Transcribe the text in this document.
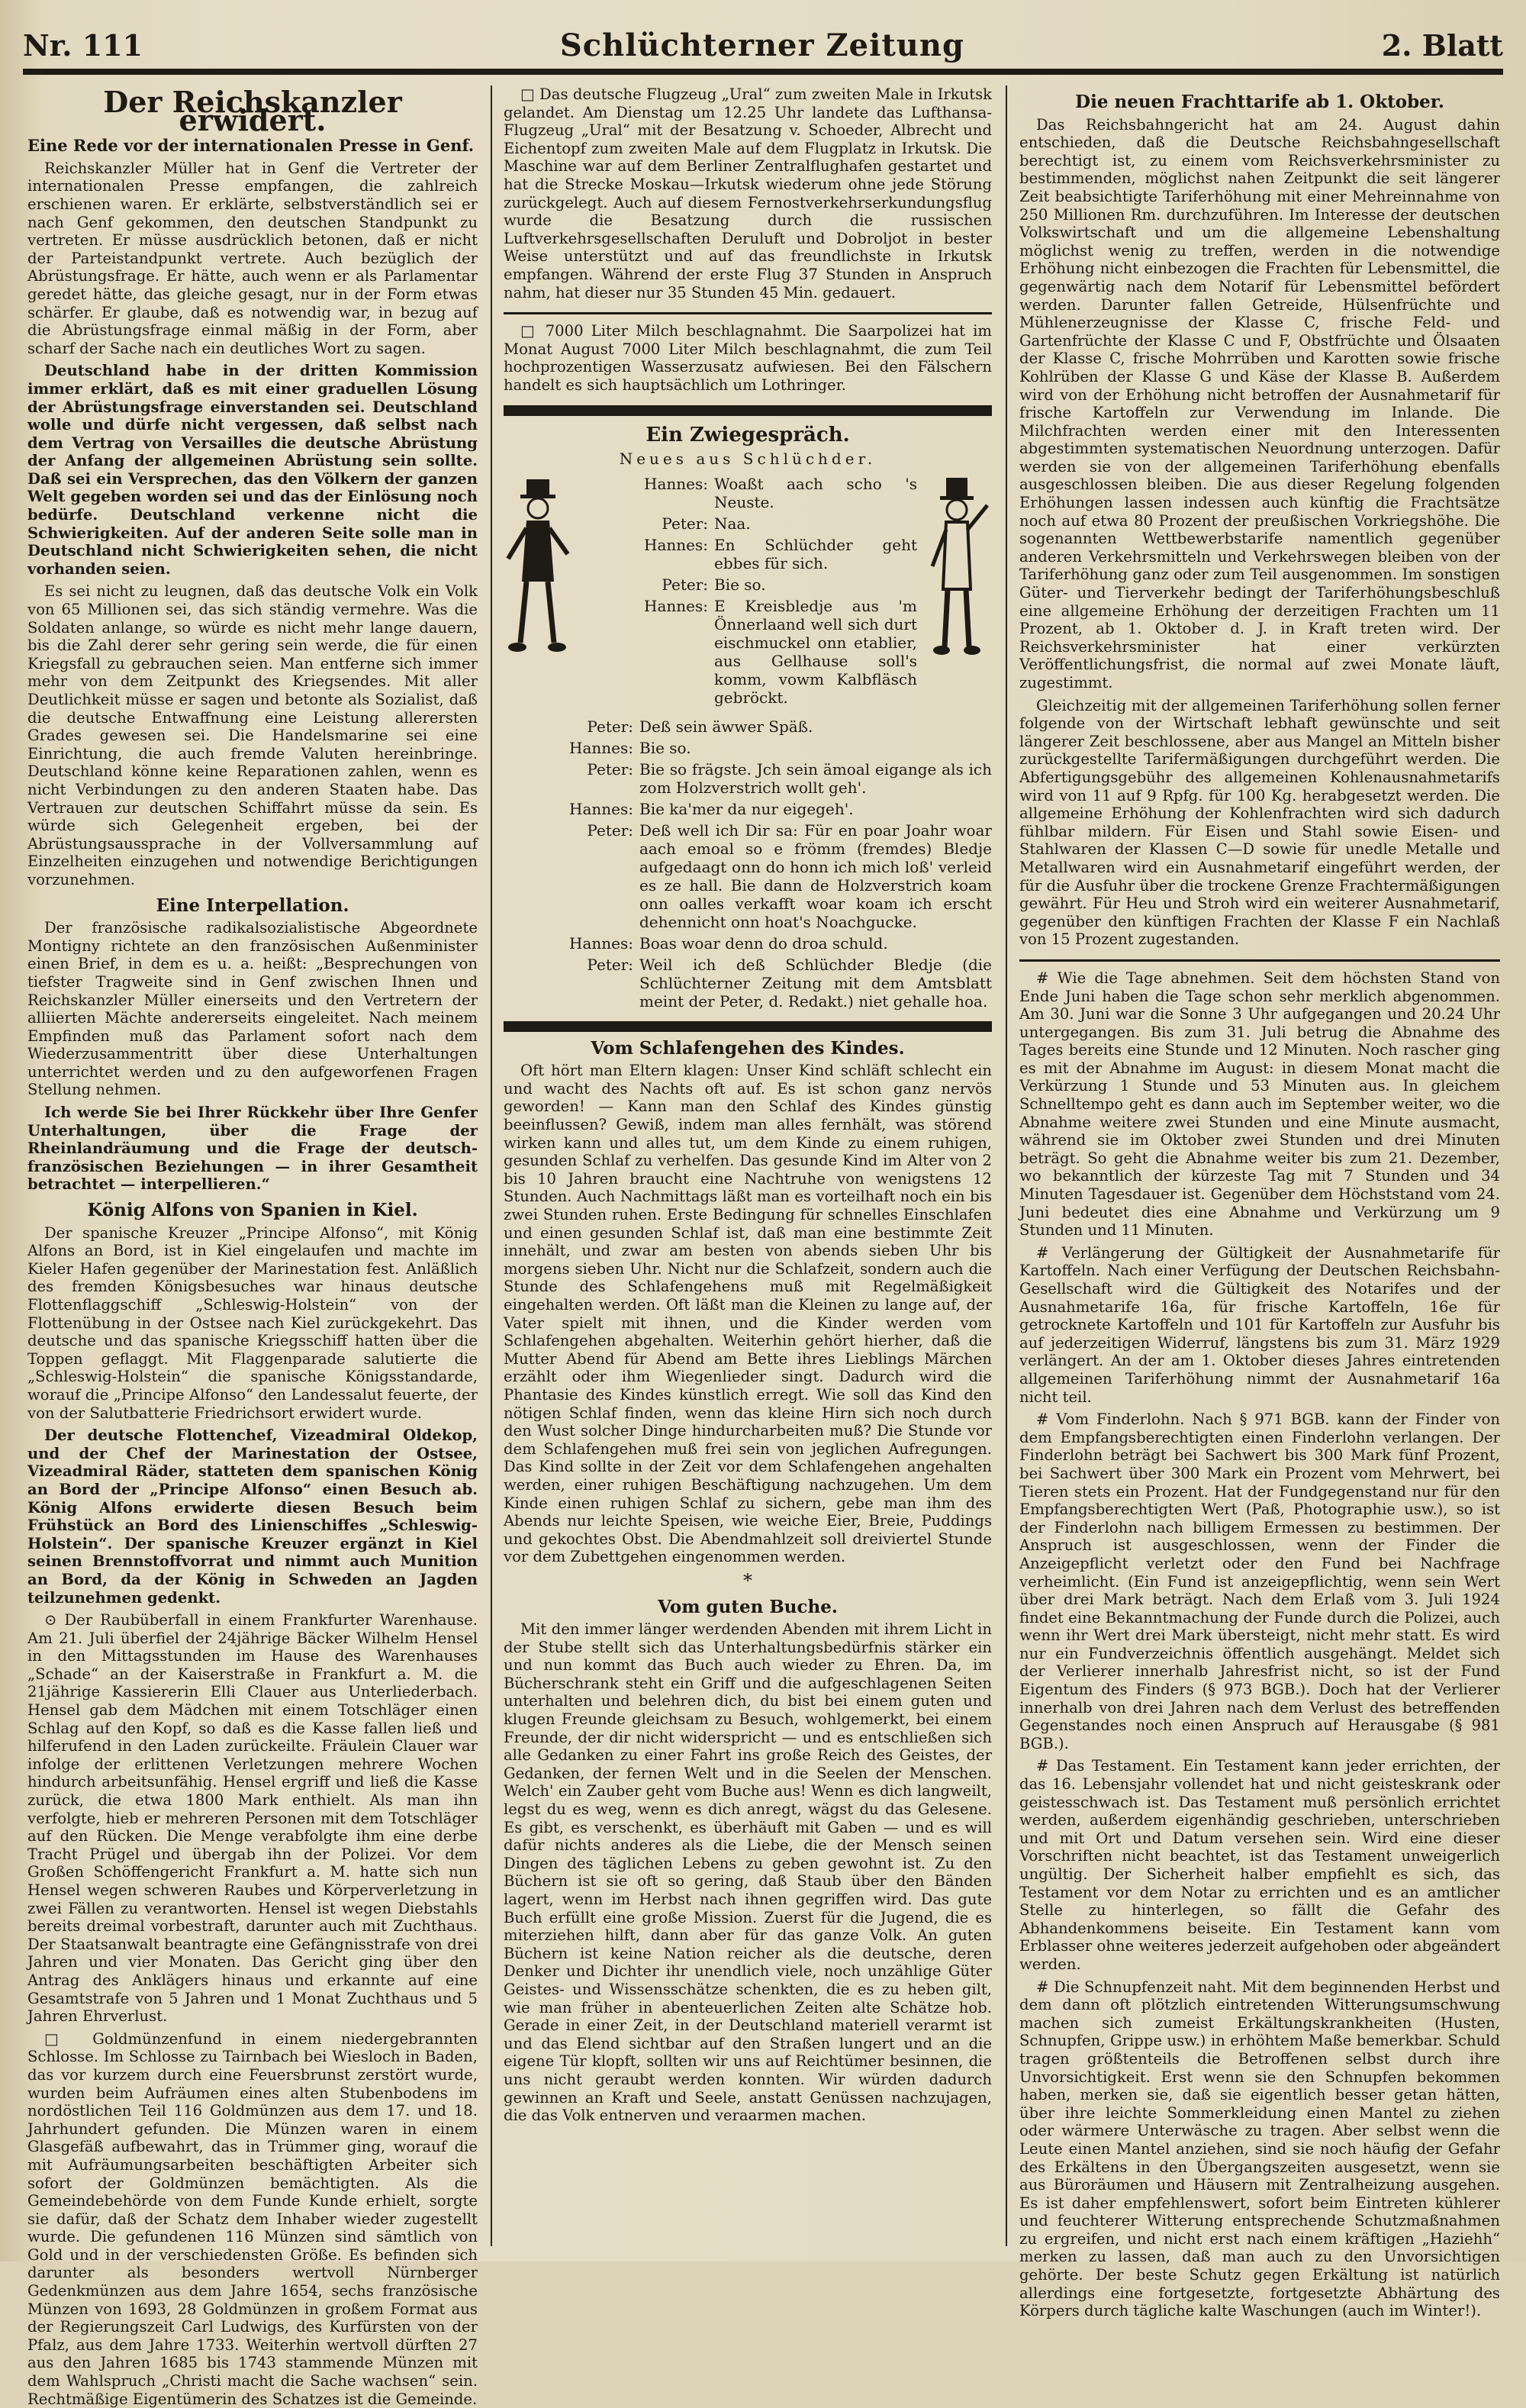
Nr. 111	Schlüchterner Zeitung	2. Blatt
Der Reichskanzler erwidert.
Eine Rede vor der internationalen Presse in Genf.

Reichskanzler Müller hat in Genf die Vertreter der internationalen Presse empfangen, die zahlreich erschienen waren. Er erklärte, selbstverständlich sei er nach Genf gekommen, den deutschen Standpunkt zu vertreten. Er müsse ausdrücklich betonen, daß er nicht der Parteistandpunkt vertrete. Auch bezüglich der Abrüstungsfrage. Er hätte, auch wenn er als Parlamentar geredet hätte, das gleiche gesagt, nur in der Form etwas schärfer. Er glaube, daß es notwendig war, in bezug auf die Abrüstungsfrage einmal mäßig in der Form, aber scharf der Sache nach ein deutliches Wort zu sagen.

Deutschland habe in der dritten Kommission immer erklärt, daß es mit einer graduellen Lösung der Abrüstungsfrage einverstanden sei. Deutschland wolle und dürfe nicht vergessen, daß selbst nach dem Vertrag von Versailles die deutsche Abrüstung der Anfang der allgemeinen Abrüstung sein sollte. Daß sei ein Versprechen, das den Völkern der ganzen Welt gegeben worden sei und das der Einlösung noch bedürfe. Deutschland verkenne nicht die Schwierigkeiten. Auf der anderen Seite solle man in Deutschland nicht Schwierigkeiten sehen, die nicht vorhanden seien.

Es sei nicht zu leugnen, daß das deutsche Volk ein Volk von 65 Millionen sei, das sich ständig vermehre. Was die Soldaten anlange, so würde es nicht mehr lange dauern, bis die Zahl derer sehr gering sein werde, die für einen Kriegsfall zu gebrauchen seien. Man entferne sich immer mehr von dem Zeitpunkt des Kriegsendes. Mit aller Deutlichkeit müsse er sagen und betonte als Sozialist, daß die deutsche Entwaffnung eine Leistung allerersten Grades gewesen sei. Die Handelsmarine sei eine Einrichtung, die auch fremde Valuten hereinbringe. Deutschland könne keine Reparationen zahlen, wenn es nicht Verbindungen zu den anderen Staaten habe. Das Vertrauen zur deutschen Schiffahrt müsse da sein. Es würde sich Gelegenheit ergeben, bei der Abrüstungsaussprache in der Vollversammlung auf Einzelheiten einzugehen und notwendige Berichtigungen vorzunehmen.

Eine Interpellation.

Der französische radikalsozialistische Abgeordnete Montigny richtete an den französischen Außenminister einen Brief, in dem es u. a. heißt: „Besprechungen von tiefster Tragweite sind in Genf zwischen Ihnen und Reichskanzler Müller einerseits und den Vertretern der alliierten Mächte andererseits eingeleitet. Nach meinem Empfinden muß das Parlament sofort nach dem Wiederzusammentritt über diese Unterhaltungen unterrichtet werden und zu den aufgeworfenen Fragen Stellung nehmen.

Ich werde Sie bei Ihrer Rückkehr über Ihre Genfer Unterhaltungen, über die Frage der Rheinlandräumung und die Frage der deutsch-französischen Beziehungen — in ihrer Gesamtheit betrachtet — interpellieren.“

König Alfons von Spanien in Kiel.

Der spanische Kreuzer „Principe Alfonso“, mit König Alfons an Bord, ist in Kiel eingelaufen und machte im Kieler Hafen gegenüber der Marinestation fest. Anläßlich des fremden Königsbesuches war hinaus deutsche Flottenflaggschiff „Schleswig-Holstein“ von der Flottenübung in der Ostsee nach Kiel zurückgekehrt. Das deutsche und das spanische Kriegsschiff hatten über die Toppen geflaggt. Mit Flaggenparade salutierte die „Schleswig-Holstein“ die spanische Königsstandarde, worauf die „Principe Alfonso“ den Landessalut feuerte, der von der Salutbatterie Friedrichsort erwidert wurde.

Der deutsche Flottenchef, Vizeadmiral Oldekop, und der Chef der Marinestation der Ostsee, Vizeadmiral Räder, statteten dem spanischen König an Bord der „Principe Alfonso“ einen Besuch ab. König Alfons erwiderte diesen Besuch beim Frühstück an Bord des Linienschiffes „Schleswig-Holstein“. Der spanische Kreuzer ergänzt in Kiel seinen Brennstoffvorrat und nimmt auch Munition an Bord, da der König in Schweden an Jagden teilzunehmen gedenkt.

⊙ Der Raubüberfall in einem Frankfurter Warenhause. Am 21. Juli überfiel der 24jährige Bäcker Wilhelm Hensel in den Mittagsstunden im Hause des Warenhauses „Schade“ an der Kaiserstraße in Frankfurt a. M. die 21jährige Kassiererin Elli Clauer aus Unterliederbach. Hensel gab dem Mädchen mit einem Totschläger einen Schlag auf den Kopf, so daß es die Kasse fallen ließ und hilferufend in den Laden zurückeilte. Fräulein Clauer war infolge der erlittenen Verletzungen mehrere Wochen hindurch arbeitsunfähig. Hensel ergriff und ließ die Kasse zurück, die etwa 1800 Mark enthielt. Als man ihn verfolgte, hieb er mehreren Personen mit dem Totschläger auf den Rücken. Die Menge verabfolgte ihm eine derbe Tracht Prügel und übergab ihn der Polizei. Vor dem Großen Schöffengericht Frankfurt a. M. hatte sich nun Hensel wegen schweren Raubes und Körperverletzung in zwei Fällen zu verantworten. Hensel ist wegen Diebstahls bereits dreimal vorbestraft, darunter auch mit Zuchthaus. Der Staatsanwalt beantragte eine Gefängnisstrafe von drei Jahren und vier Monaten. Das Gericht ging über den Antrag des Anklägers hinaus und erkannte auf eine Gesamtstrafe von 5 Jahren und 1 Monat Zuchthaus und 5 Jahren Ehrverlust.

□ Goldmünzenfund in einem niedergebrannten Schlosse. Im Schlosse zu Tairnbach bei Wiesloch in Baden, das vor kurzem durch eine Feuersbrunst zerstört wurde, wurden beim Aufräumen eines alten Stubenbodens im nordöstlichen Teil 116 Goldmünzen aus dem 17. und 18. Jahrhundert gefunden. Die Münzen waren in einem Glasgefäß aufbewahrt, das in Trümmer ging, worauf die mit Aufräumungsarbeiten beschäftigten Arbeiter sich sofort der Goldmünzen bemächtigten. Als die Gemeindebehörde von dem Funde Kunde erhielt, sorgte sie dafür, daß der Schatz dem Inhaber wieder zugestellt wurde. Die gefundenen 116 Münzen sind sämtlich von Gold und in der verschiedensten Größe. Es befinden sich darunter als besonders wertvoll Nürnberger Gedenkmünzen aus dem Jahre 1654, sechs französische Münzen von 1693, 28 Goldmünzen in großem Format aus der Regierungszeit Carl Ludwigs, des Kurfürsten von der Pfalz, aus dem Jahre 1733. Weiterhin wertvoll dürften 27 aus den Jahren 1685 bis 1743 stammende Münzen mit dem Wahlspruch „Christi macht die Sache wachsen“ sein. Rechtmäßige Eigentümerin des Schatzes ist die Gemeinde.

□ Das deutsche Flugzeug „Ural“ zum zweiten Male in Irkutsk gelandet. Am Dienstag um 12.25 Uhr landete das Lufthansa-Flugzeug „Ural“ mit der Besatzung v. Schoeder, Albrecht und Eichentopf zum zweiten Male auf dem Flugplatz in Irkutsk. Die Maschine war auf dem Berliner Zentralflughafen gestartet und hat die Strecke Moskau—Irkutsk wiederum ohne jede Störung zurückgelegt. Auch auf diesem Fernostverkehrserkundungsflug wurde die Besatzung durch die russischen Luftverkehrsgesellschaften Deruluft und Dobroljot in bester Weise unterstützt und auf das freundlichste in Irkutsk empfangen. Während der erste Flug 37 Stunden in Anspruch nahm, hat dieser nur 35 Stunden 45 Min. gedauert.

□ 7000 Liter Milch beschlagnahmt. Die Saarpolizei hat im Monat August 7000 Liter Milch beschlagnahmt, die zum Teil hochprozentigen Wasserzusatz aufwiesen. Bei den Fälschern handelt es sich hauptsächlich um Lothringer.

Ein Zwiegespräch.
Neues aus Schlüchder.
Hannes: Woaßt aach scho 's Neuste.
Peter: Naa.
Hannes: En Schlüchder geht ebbes für sich.
Peter: Bie so.
Hannes: E Kreisbledje aus 'm Önnerlaand well sich durt eischmuckel onn etablier, aus Gellhause soll's komm, vowm Kalbfläsch gebröckt.
Peter: Deß sein äwwer Späß.
Hannes: Bie so.
Peter: Bie so frägste. Jch sein ämoal eigange als ich zom Holzverstrich wollt geh'.
Hannes: Bie ka'mer da nur eigegeh'.
Peter: Deß well ich Dir sa: Für en poar Joahr woar aach emoal so e frömm (fremdes) Bledje aufgedaagt onn do honn ich mich loß' verleid es ze hall. Bie dann de Holzverstrich koam onn oalles verkafft woar koam ich erscht dehennicht onn hoat's Noachgucke.
Hannes: Boas woar denn do droa schuld.
Peter: Weil ich deß Schlüchder Bledje (die Schlüchterner Zeitung mit dem Amtsblatt meint der Peter, d. Redakt.) niet gehalle hoa.
Vom Schlafengehen des Kindes.

Oft hört man Eltern klagen: Unser Kind schläft schlecht ein und wacht des Nachts oft auf. Es ist schon ganz nervös geworden! — Kann man den Schlaf des Kindes günstig beeinflussen? Gewiß, indem man alles fernhält, was störend wirken kann und alles tut, um dem Kinde zu einem ruhigen, gesunden Schlaf zu verhelfen. Das gesunde Kind im Alter von 2 bis 10 Jahren braucht eine Nachtruhe von wenigstens 12 Stunden. Auch Nachmittags läßt man es vorteilhaft noch ein bis zwei Stunden ruhen. Erste Bedingung für schnelles Einschlafen und einen gesunden Schlaf ist, daß man eine bestimmte Zeit innehält, und zwar am besten von abends sieben Uhr bis morgens sieben Uhr. Nicht nur die Schlafzeit, sondern auch die Stunde des Schlafengehens muß mit Regelmäßigkeit eingehalten werden. Oft läßt man die Kleinen zu lange auf, der Vater spielt mit ihnen, und die Kinder werden vom Schlafengehen abgehalten. Weiterhin gehört hierher, daß die Mutter Abend für Abend am Bette ihres Lieblings Märchen erzählt oder ihm Wiegenlieder singt. Dadurch wird die Phantasie des Kindes künstlich erregt. Wie soll das Kind den nötigen Schlaf finden, wenn das kleine Hirn sich noch durch den Wust solcher Dinge hindurcharbeiten muß? Die Stunde vor dem Schlafengehen muß frei sein von jeglichen Aufregungen. Das Kind sollte in der Zeit vor dem Schlafengehen angehalten werden, einer ruhigen Beschäftigung nachzugehen. Um dem Kinde einen ruhigen Schlaf zu sichern, gebe man ihm des Abends nur leichte Speisen, wie weiche Eier, Breie, Puddings und gekochtes Obst. Die Abendmahlzeit soll dreiviertel Stunde vor dem Zubettgehen eingenommen werden.

*
Vom guten Buche.

Mit den immer länger werdenden Abenden mit ihrem Licht in der Stube stellt sich das Unterhaltungsbedürfnis stärker ein und nun kommt das Buch auch wieder zu Ehren. Da, im Bücherschrank steht ein Griff und die aufgeschlagenen Seiten unterhalten und belehren dich, du bist bei einem guten und klugen Freunde gleichsam zu Besuch, wohlgemerkt, bei einem Freunde, der dir nicht widerspricht — und es entschließen sich alle Gedanken zu einer Fahrt ins große Reich des Geistes, der Gedanken, der fernen Welt und in die Seelen der Menschen. Welch' ein Zauber geht vom Buche aus! Wenn es dich langweilt, legst du es weg, wenn es dich anregt, wägst du das Gelesene. Es gibt, es verschenkt, es überhäuft mit Gaben — und es will dafür nichts anderes als die Liebe, die der Mensch seinen Dingen des täglichen Lebens zu geben gewohnt ist. Zu den Büchern ist sie oft so gering, daß Staub über den Bänden lagert, wenn im Herbst nach ihnen gegriffen wird. Das gute Buch erfüllt eine große Mission. Zuerst für die Jugend, die es miterziehen hilft, dann aber für das ganze Volk. An guten Büchern ist keine Nation reicher als die deutsche, deren Denker und Dichter ihr unendlich viele, noch unzählige Güter Geistes- und Wissensschätze schenkten, die es zu heben gilt, wie man früher in abenteuerlichen Zeiten alte Schätze hob. Gerade in einer Zeit, in der Deutschland materiell verarmt ist und das Elend sichtbar auf den Straßen lungert und an die eigene Tür klopft, sollten wir uns auf Reichtümer besinnen, die uns nicht geraubt werden konnten. Wir würden dadurch gewinnen an Kraft und Seele, anstatt Genüssen nachzujagen, die das Volk entnerven und veraarmen machen.

Die neuen Frachttarife ab 1. Oktober.

Das Reichsbahngericht hat am 24. August dahin entschieden, daß die Deutsche Reichsbahngesellschaft berechtigt ist, zu einem vom Reichsverkehrsminister zu bestimmenden, möglichst nahen Zeitpunkt die seit längerer Zeit beabsichtigte Tariferhöhung mit einer Mehreinnahme von 250 Millionen Rm. durchzuführen. Im Interesse der deutschen Volkswirtschaft und um die allgemeine Lebenshaltung möglichst wenig zu treffen, werden in die notwendige Erhöhung nicht einbezogen die Frachten für Lebensmittel, die gegenwärtig nach dem Notarif für Lebensmittel befördert werden. Darunter fallen Getreide, Hülsenfrüchte und Mühlenerzeugnisse der Klasse C, frische Feld- und Gartenfrüchte der Klasse C und F, Obstfrüchte und Ölsaaten der Klasse C, frische Mohrrüben und Karotten sowie frische Kohlrüben der Klasse G und Käse der Klasse B. Außerdem wird von der Erhöhung nicht betroffen der Ausnahmetarif für frische Kartoffeln zur Verwendung im Inlande. Die Milchfrachten werden einer mit den Interessenten abgestimmten systematischen Neuordnung unterzogen. Dafür werden sie von der allgemeinen Tariferhöhung ebenfalls ausgeschlossen bleiben. Die aus dieser Regelung folgenden Erhöhungen lassen indessen auch künftig die Frachtsätze noch auf etwa 80 Prozent der preußischen Vorkriegshöhe. Die sogenannten Wettbewerbstarife namentlich gegenüber anderen Verkehrsmitteln und Verkehrswegen bleiben von der Tariferhöhung ganz oder zum Teil ausgenommen. Im sonstigen Güter- und Tierverkehr bedingt der Tariferhöhungsbeschluß eine allgemeine Erhöhung der derzeitigen Frachten um 11 Prozent, ab 1. Oktober d. J. in Kraft treten wird. Der Reichsverkehrsminister hat einer verkürzten Veröffentlichungsfrist, die normal auf zwei Monate läuft, zugestimmt.

Gleichzeitig mit der allgemeinen Tariferhöhung sollen ferner folgende von der Wirtschaft lebhaft gewünschte und seit längerer Zeit beschlossene, aber aus Mangel an Mitteln bisher zurückgestellte Tarifermäßigungen durchgeführt werden. Die Abfertigungsgebühr des allgemeinen Kohlenausnahmetarifs wird von 11 auf 9 Rpfg. für 100 Kg. herabgesetzt werden. Die allgemeine Erhöhung der Kohlenfrachten wird sich dadurch fühlbar mildern. Für Eisen und Stahl sowie Eisen- und Stahlwaren der Klassen C—D sowie für unedle Metalle und Metallwaren wird ein Ausnahmetarif eingeführt werden, der für die Ausfuhr über die trockene Grenze Frachtermäßigungen gewährt. Für Heu und Stroh wird ein weiterer Ausnahmetarif, gegenüber den künftigen Frachten der Klasse F ein Nachlaß von 15 Prozent zugestanden.

# Wie die Tage abnehmen. Seit dem höchsten Stand von Ende Juni haben die Tage schon sehr merklich abgenommen. Am 30. Juni war die Sonne 3 Uhr aufgegangen und 20.24 Uhr untergegangen. Bis zum 31. Juli betrug die Abnahme des Tages bereits eine Stunde und 12 Minuten. Noch rascher ging es mit der Abnahme im August: in diesem Monat macht die Verkürzung 1 Stunde und 53 Minuten aus. In gleichem Schnelltempo geht es dann auch im September weiter, wo die Abnahme weitere zwei Stunden und eine Minute ausmacht, während sie im Oktober zwei Stunden und drei Minuten beträgt. So geht die Abnahme weiter bis zum 21. Dezember, wo bekanntlich der kürzeste Tag mit 7 Stunden und 34 Minuten Tagesdauer ist. Gegenüber dem Höchststand vom 24. Juni bedeutet dies eine Abnahme und Verkürzung um 9 Stunden und 11 Minuten.

# Verlängerung der Gültigkeit der Ausnahmetarife für Kartoffeln. Nach einer Verfügung der Deutschen Reichsbahn-Gesellschaft wird die Gültigkeit des Notarifes und der Ausnahmetarife 16a, für frische Kartoffeln, 16e für getrocknete Kartoffeln und 101 für Kartoffeln zur Ausfuhr bis auf jederzeitigen Widerruf, längstens bis zum 31. März 1929 verlängert. An der am 1. Oktober dieses Jahres eintretenden allgemeinen Tariferhöhung nimmt der Ausnahmetarif 16a nicht teil.

# Vom Finderlohn. Nach § 971 BGB. kann der Finder von dem Empfangsberechtigten einen Finderlohn verlangen. Der Finderlohn beträgt bei Sachwert bis 300 Mark fünf Prozent, bei Sachwert über 300 Mark ein Prozent vom Mehrwert, bei Tieren stets ein Prozent. Hat der Fundgegenstand nur für den Empfangsberechtigten Wert (Paß, Photographie usw.), so ist der Finderlohn nach billigem Ermessen zu bestimmen. Der Anspruch ist ausgeschlossen, wenn der Finder die Anzeigepflicht verletzt oder den Fund bei Nachfrage verheimlicht. (Ein Fund ist anzeigepflichtig, wenn sein Wert über drei Mark beträgt. Nach dem Erlaß vom 3. Juli 1924 findet eine Bekanntmachung der Funde durch die Polizei, auch wenn ihr Wert drei Mark übersteigt, nicht mehr statt. Es wird nur ein Fundverzeichnis öffentlich ausgehängt. Meldet sich der Verlierer innerhalb Jahresfrist nicht, so ist der Fund Eigentum des Finders (§ 973 BGB.). Doch hat der Verlierer innerhalb von drei Jahren nach dem Verlust des betreffenden Gegenstandes noch einen Anspruch auf Herausgabe (§ 981 BGB.).

# Das Testament. Ein Testament kann jeder errichten, der das 16. Lebensjahr vollendet hat und nicht geisteskrank oder geistesschwach ist. Das Testament muß persönlich errichtet werden, außerdem eigenhändig geschrieben, unterschrieben und mit Ort und Datum versehen sein. Wird eine dieser Vorschriften nicht beachtet, ist das Testament unweigerlich ungültig. Der Sicherheit halber empfiehlt es sich, das Testament vor dem Notar zu errichten und es an amtlicher Stelle zu hinterlegen, so fällt die Gefahr des Abhandenkommens beiseite. Ein Testament kann vom Erblasser ohne weiteres jederzeit aufgehoben oder abgeändert werden.

# Die Schnupfenzeit naht. Mit dem beginnenden Herbst und dem dann oft plötzlich eintretenden Witterungsumschwung machen sich zumeist Erkältungskrankheiten (Husten, Schnupfen, Grippe usw.) in erhöhtem Maße bemerkbar. Schuld tragen größtenteils die Betroffenen selbst durch ihre Unvorsichtigkeit. Erst wenn sie den Schnupfen bekommen haben, merken sie, daß sie eigentlich besser getan hätten, über ihre leichte Sommerkleidung einen Mantel zu ziehen oder wärmere Unterwäsche zu tragen. Aber selbst wenn die Leute einen Mantel anziehen, sind sie noch häufig der Gefahr des Erkältens in den Übergangszeiten ausgesetzt, wenn sie aus Büroräumen und Häusern mit Zentralheizung ausgehen. Es ist daher empfehlenswert, sofort beim Eintreten kühlerer und feuchterer Witterung entsprechende Schutzmaßnahmen zu ergreifen, und nicht erst nach einem kräftigen „Haziehh“ merken zu lassen, daß man auch zu den Unvorsichtigen gehörte. Der beste Schutz gegen Erkältung ist natürlich allerdings eine fortgesetzte, fortgesetzte Abhärtung des Körpers durch tägliche kalte Waschungen (auch im Winter!).
